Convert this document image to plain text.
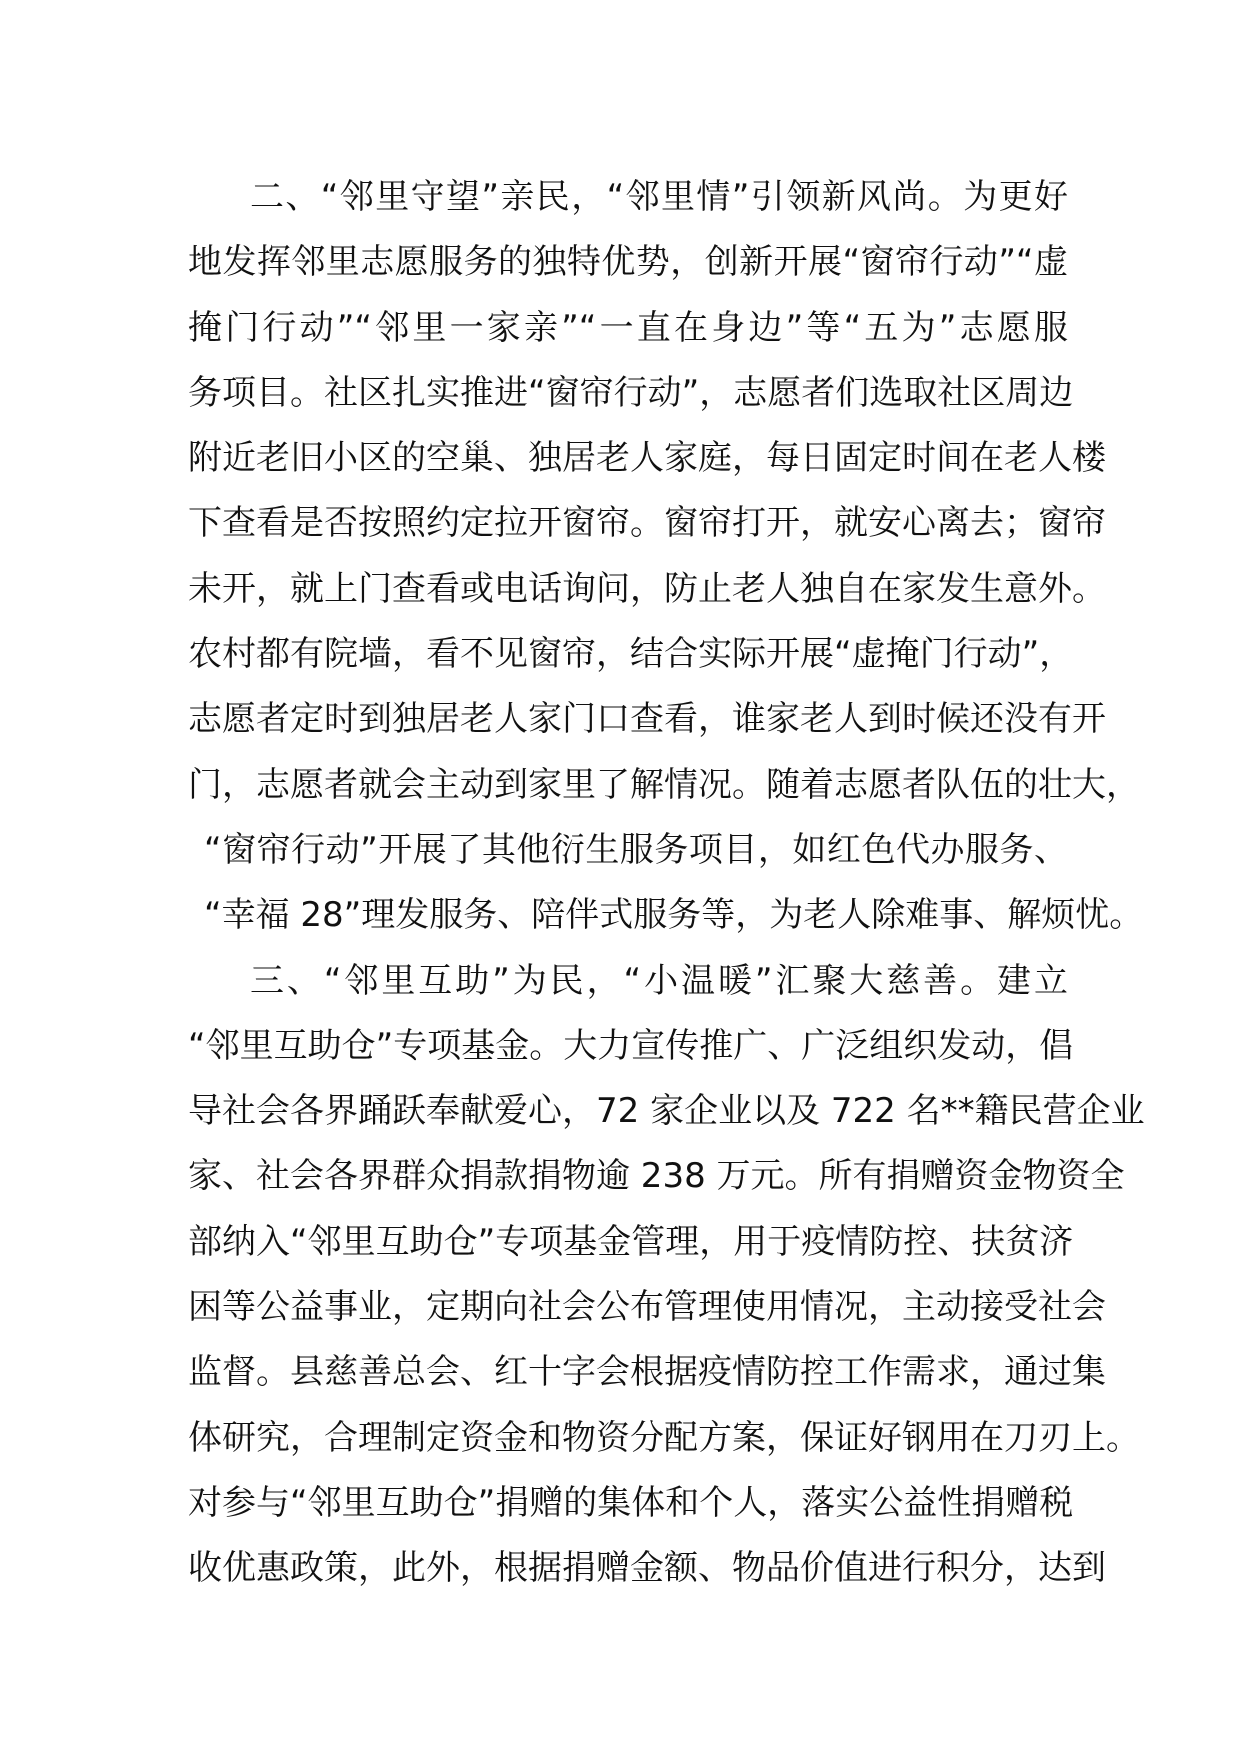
二、“邻里守望”亲民，“邻里情”引领新风尚。为更好
地发挥邻里志愿服务的独特优势，创新开展“窗帘行动”“虚
掩门行动”“邻里一家亲”“一直在身边”等“五为”志愿服
务项目。社区扎实推进“窗帘行动”，志愿者们选取社区周边
附近老旧小区的空巢、独居老人家庭，每日固定时间在老人楼
下查看是否按照约定拉开窗帘。窗帘打开，就安心离去；窗帘
未开，就上门查看或电话询问，防止老人独自在家发生意外。
农村都有院墙，看不见窗帘，结合实际开展“虚掩门行动”，
志愿者定时到独居老人家门口查看，谁家老人到时候还没有开
门，志愿者就会主动到家里了解情况。随着志愿者队伍的壮大，
“窗帘行动”开展了其他衍生服务项目，如红色代办服务、
“幸福 28”理发服务、陪伴式服务等，为老人除难事、解烦忧。
三、“邻里互助”为民，“小温暖”汇聚大慈善。建立
“邻里互助仓”专项基金。大力宣传推广、广泛组织发动，倡
导社会各界踊跃奉献爱心，72 家企业以及 722 名**籍民营企业
家、社会各界群众捐款捐物逾 238 万元。所有捐赠资金物资全
部纳入“邻里互助仓”专项基金管理，用于疫情防控、扶贫济
困等公益事业，定期向社会公布管理使用情况，主动接受社会
监督。县慈善总会、红十字会根据疫情防控工作需求，通过集
体研究，合理制定资金和物资分配方案，保证好钢用在刀刃上。
对参与“邻里互助仓”捐赠的集体和个人，落实公益性捐赠税
收优惠政策，此外，根据捐赠金额、物品价值进行积分，达到
